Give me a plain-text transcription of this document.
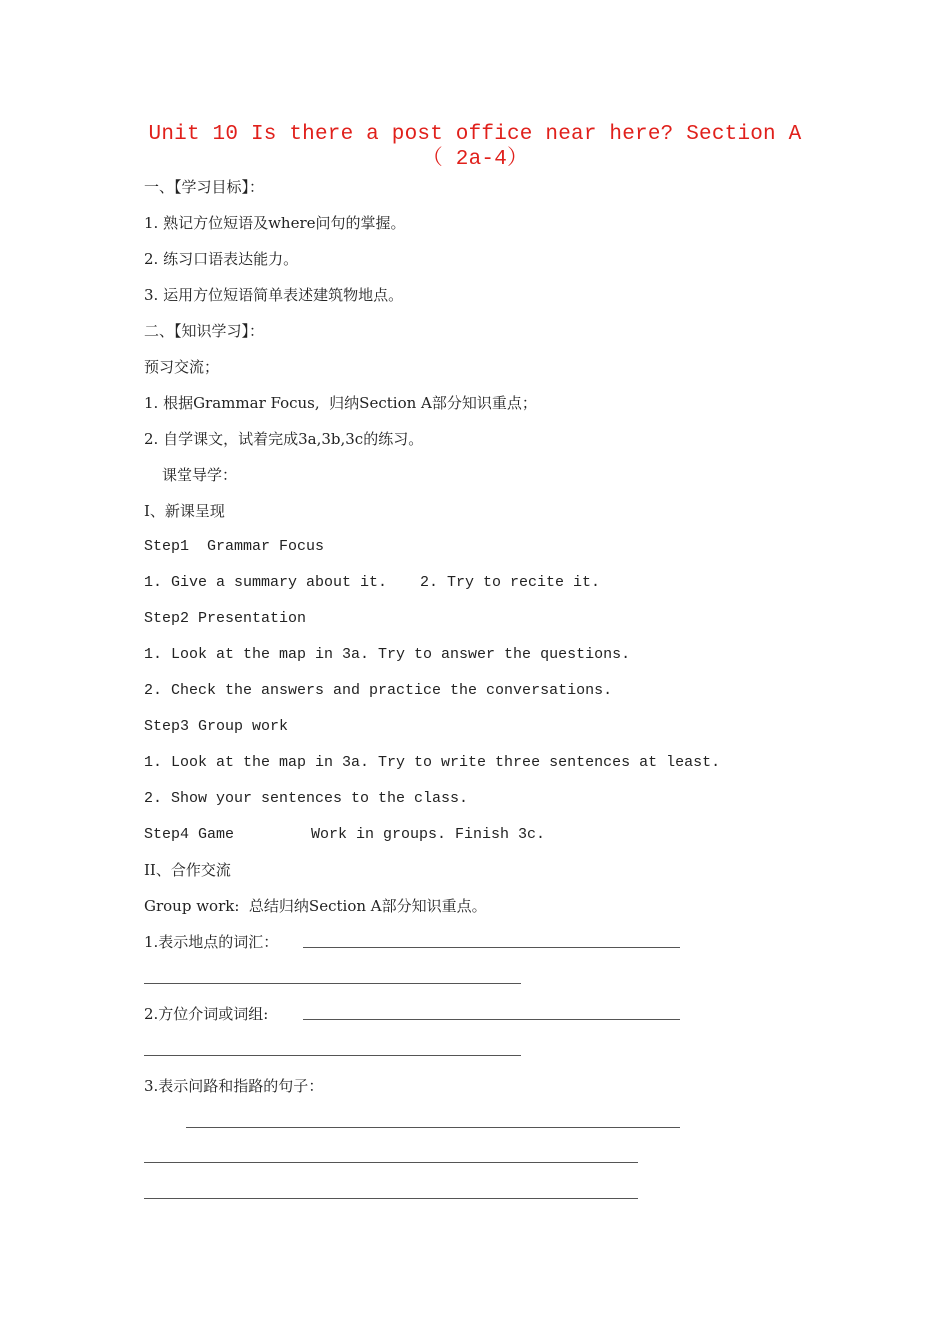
Unit 10 Is there a post office near here? Section A（ 2a-4）
一、【学习目标】：
1. 熟记方位短语及where问句的掌握。
2. 练习口语表达能力。
3. 运用方位短语简单表述建筑物地点。
二、【知识学习】：
预习交流；
1. 根据Grammar Focus,  归纳Section A部分知识重点；
2. 自学课文，试着完成3a,3b,3c的练习。
课堂导学：
I、新课呈现
Step1  Grammar Focus
1. Give a summary about it. 2. Try to recite it.
Step2 Presentation
1. Look at the map in 3a. Try to answer the questions.
2. Check the answers and practice the conversations.
Step3 Group work
1. Look at the map in 3a. Try to write three sentences at least.
2. Show your sentences to the class.
Step4 Game	Work in groups. Finish 3c.
II、合作交流
Group work:  总结归纳Section A部分知识重点。
1.表示地点的词汇：
2.方位介词或词组:
3.表示问路和指路的句子：
